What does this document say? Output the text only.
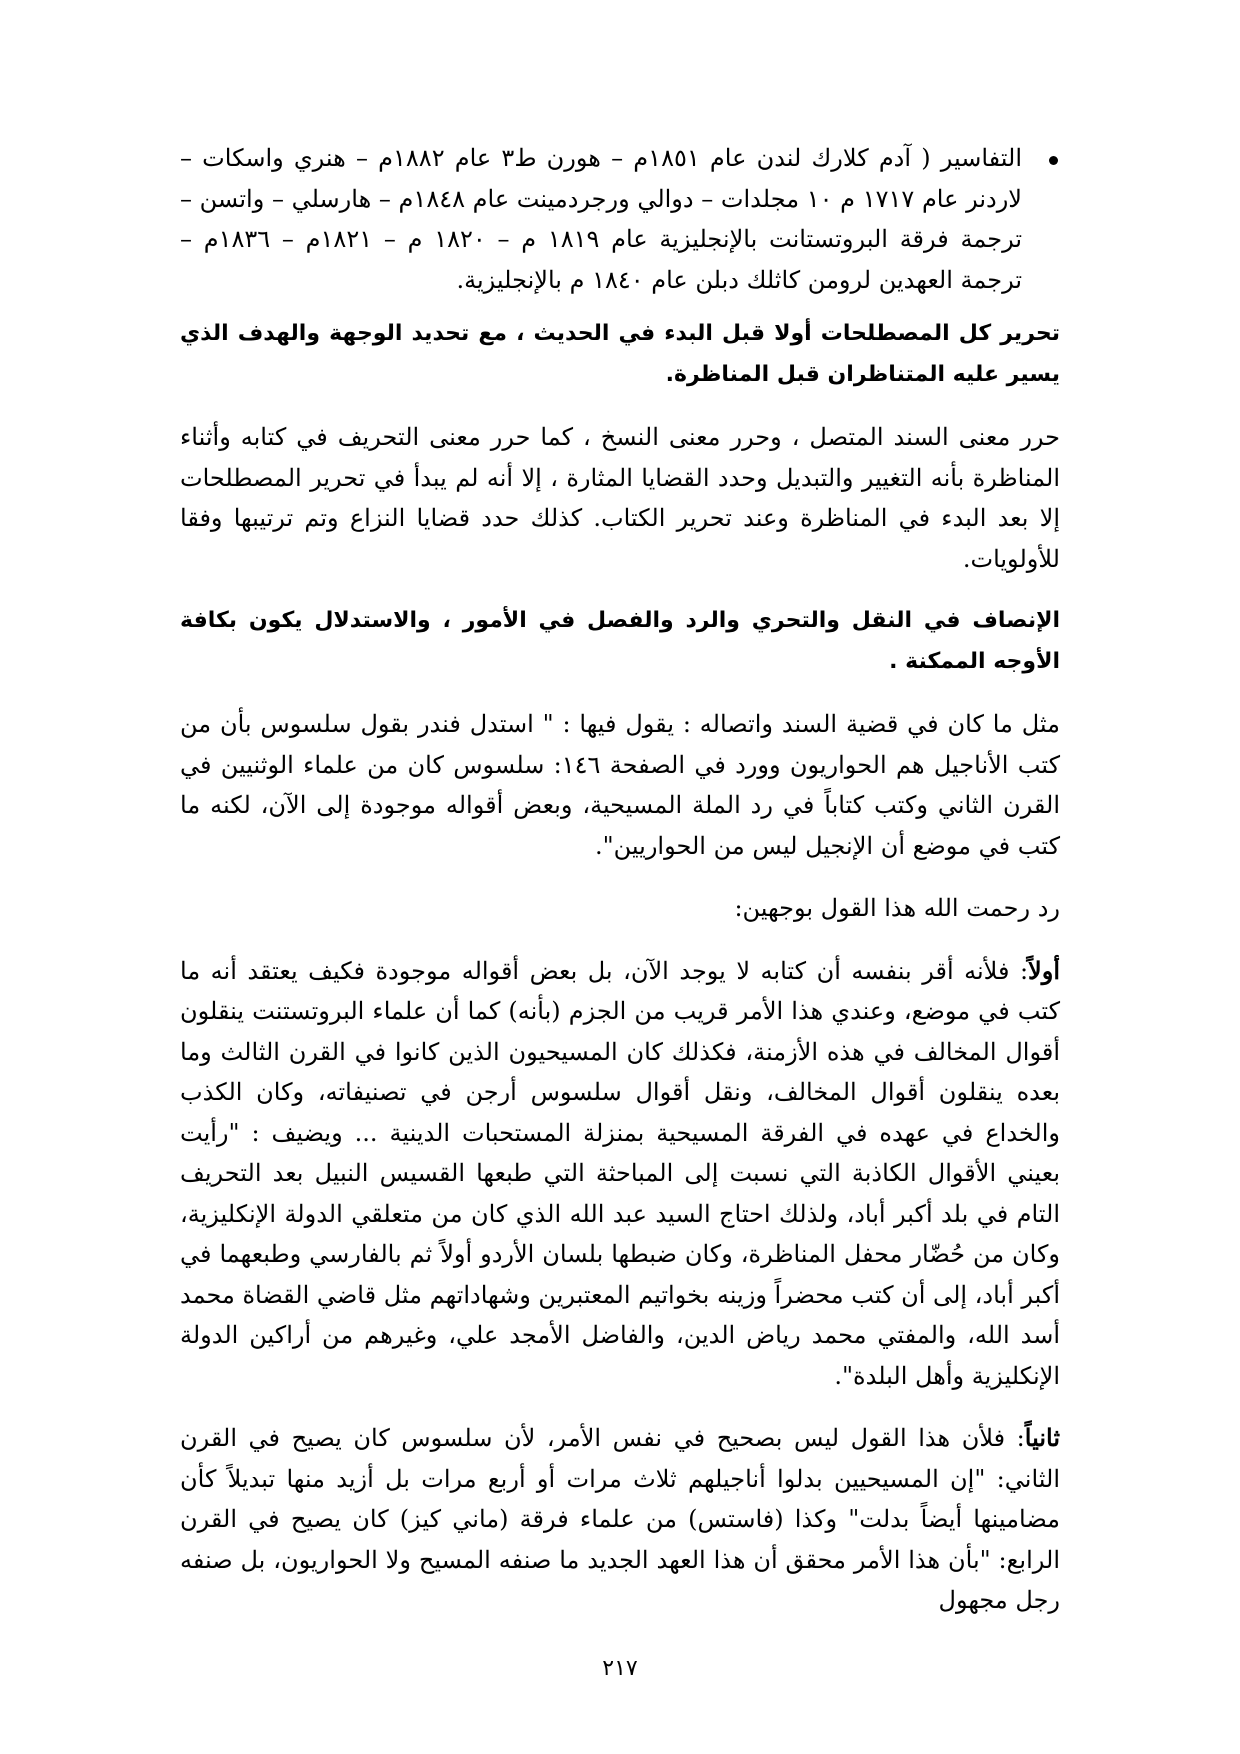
التفاسير ( آدم كلارك لندن عام ١٨٥١م – هورن ط٣ عام ١٨٨٢م – هنري واسكات – لاردنر عام ١٧١٧ م ١٠ مجلدات – دوالي ورجردمينت عام ١٨٤٨م – هارسلي – واتسن – ترجمة فرقة البروتستانت بالإنجليزية عام ١٨١٩ م – ١٨٢٠ م – ١٨٢١م – ١٨٣٦م – ترجمة العهدين لرومن كاثلك دبلن عام ١٨٤٠ م بالإنجليزية.
تحرير كل المصطلحات أولا قبل البدء في الحديث ، مع تحديد الوجهة والهدف الذي يسير عليه المتناظران قبل المناظرة.
حرر معنى السند المتصل ، وحرر معنى النسخ ، كما حرر معنى التحريف في كتابه وأثناء المناظرة بأنه التغيير والتبديل وحدد القضايا المثارة ، إلا أنه لم يبدأ في تحرير المصطلحات إلا بعد البدء في المناظرة وعند تحرير الكتاب. كذلك حدد قضايا النزاع وتم ترتيبها وفقا للأولويات.
الإنصاف في النقل والتحري والرد والفصل في الأمور ، والاستدلال يكون بكافة الأوجه الممكنة .
مثل ما كان في قضية السند واتصاله : يقول فيها : " استدل فندر بقول سلسوس بأن من كتب الأناجيل هم الحواريون وورد في الصفحة ١٤٦: سلسوس كان من علماء الوثنيين في القرن الثاني وكتب كتاباً في رد الملة المسيحية، وبعض أقواله موجودة إلى الآن، لكنه ما كتب في موضع أن الإنجيل ليس من الحواريين".
رد رحمت الله هذا القول بوجهين:
أولاً: فلأنه أقر بنفسه أن كتابه لا يوجد الآن، بل بعض أقواله موجودة فكيف يعتقد أنه ما كتب في موضع، وعندي هذا الأمر قريب من الجزم (بأنه) كما أن علماء البروتستنت ينقلون أقوال المخالف في هذه الأزمنة، فكذلك كان المسيحيون الذين كانوا في القرن الثالث وما بعده ينقلون أقوال المخالف، ونقل أقوال سلسوس أرجن في تصنيفاته، وكان الكذب والخداع في عهده في الفرقة المسيحية بمنزلة المستحبات الدينية ... ويضيف : "رأيت بعيني الأقوال الكاذبة التي نسبت إلى المباحثة التي طبعها القسيس النبيل بعد التحريف التام في بلد أكبر أباد، ولذلك احتاج السيد عبد الله الذي كان من متعلقي الدولة الإنكليزية، وكان من حُضّار محفل المناظرة، وكان ضبطها بلسان الأردو أولاً ثم بالفارسي وطبعهما في أكبر أباد، إلى أن كتب محضراً وزينه بخواتيم المعتبرين وشهاداتهم مثل قاضي القضاة محمد أسد الله، والمفتي محمد رياض الدين، والفاضل الأمجد علي، وغيرهم من أراكين الدولة الإنكليزية وأهل البلدة".
ثانياً: فلأن هذا القول ليس بصحيح في نفس الأمر، لأن سلسوس كان يصيح في القرن الثاني: "إن المسيحيين بدلوا أناجيلهم ثلاث مرات أو أربع مرات بل أزيد منها تبديلاً كأن مضامينها أيضاً بدلت" وكذا (فاستس) من علماء فرقة (ماني كيز) كان يصيح في القرن الرابع: "بأن هذا الأمر محقق أن هذا العهد الجديد ما صنفه المسيح ولا الحواريون، بل صنفه رجل مجهول
٢١٧
